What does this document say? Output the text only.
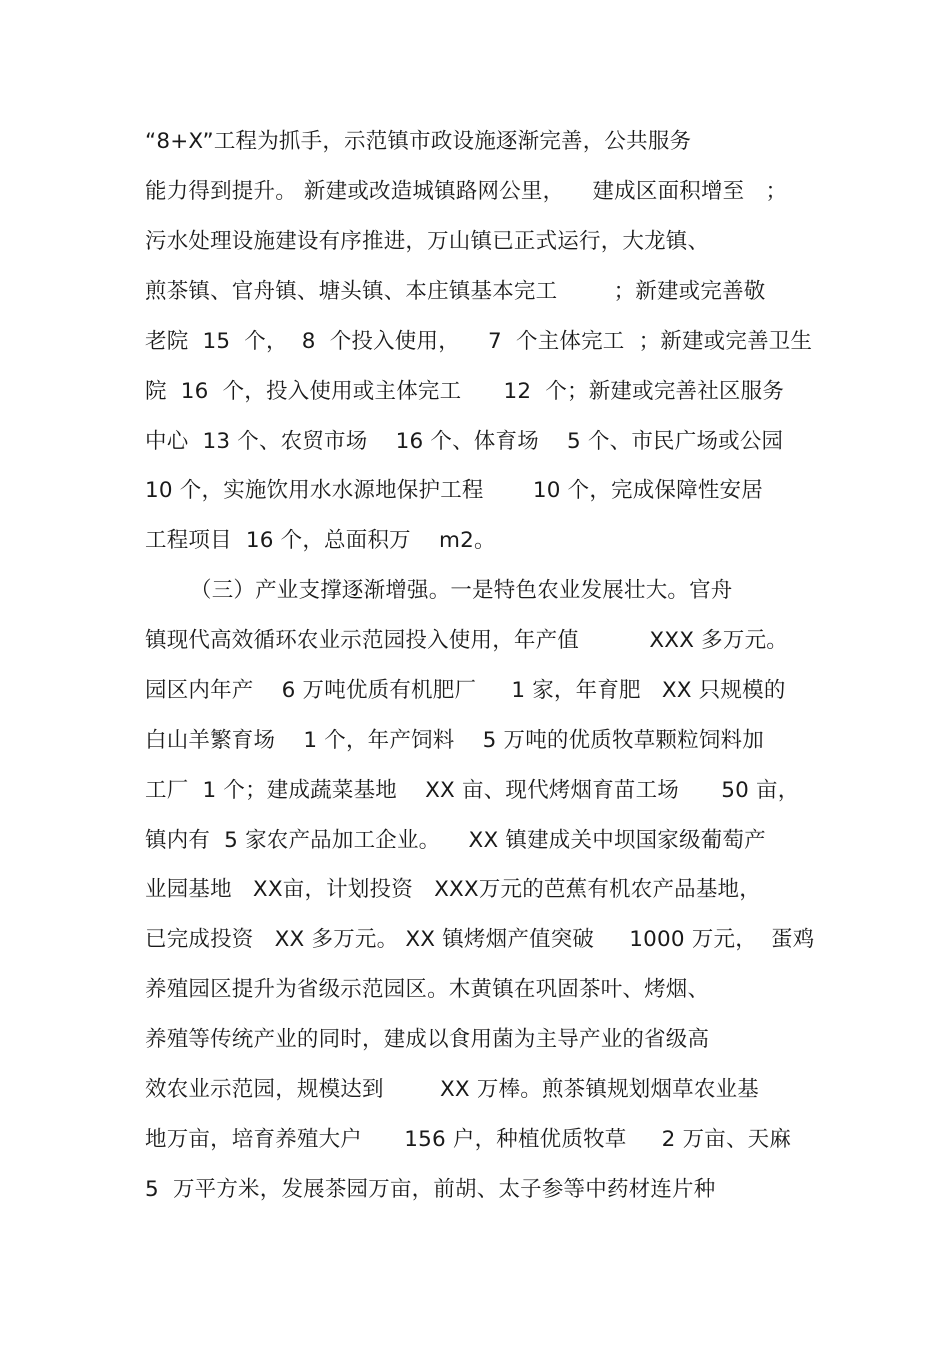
“8+X”工程为抓手，示范镇市政设施逐渐完善，公共服务
能力得到提升。 新建或改造城镇路网公里，    建成区面积增至   ；
污水处理设施建设有序推进，万山镇已正式运行，大龙镇、
煎茶镇、官舟镇、塘头镇、本庄镇基本完工        ；新建或完善敬
老院  15  个，  8  个投入使用，    7  个主体完工  ；新建或完善卫生
院  16  个，投入使用或主体完工      12  个；新建或完善社区服务
中心  13 个、农贸市场    16 个、体育场    5 个、市民广场或公园
10 个，实施饮用水水源地保护工程       10 个，完成保障性安居
工程项目  16 个，总面积万    m2。
（三）产业支撑逐渐增强。一是特色农业发展壮大。官舟
镇现代高效循环农业示范园投入使用，年产值          XXX 多万元。
园区内年产    6 万吨优质有机肥厂     1 家，年育肥   XX 只规模的
白山羊繁育场    1 个，年产饲料    5 万吨的优质牧草颗粒饲料加
工厂  1 个；建成蔬菜基地    XX 亩、现代烤烟育苗工场      50 亩，
镇内有  5 家农产品加工企业。    XX 镇建成关中坝国家级葡萄产
业园基地   XX亩，计划投资   XXX万元的芭蕉有机农产品基地，
已完成投资   XX 多万元。 XX 镇烤烟产值突破     1000 万元，  蛋鸡
养殖园区提升为省级示范园区。木黄镇在巩固茶叶、烤烟、
养殖等传统产业的同时，建成以食用菌为主导产业的省级高
效农业示范园，规模达到        XX 万棒。煎茶镇规划烟草农业基
地万亩，培育养殖大户      156 户，种植优质牧草     2 万亩、天麻
5  万平方米，发展茶园万亩，前胡、太子参等中药材连片种
